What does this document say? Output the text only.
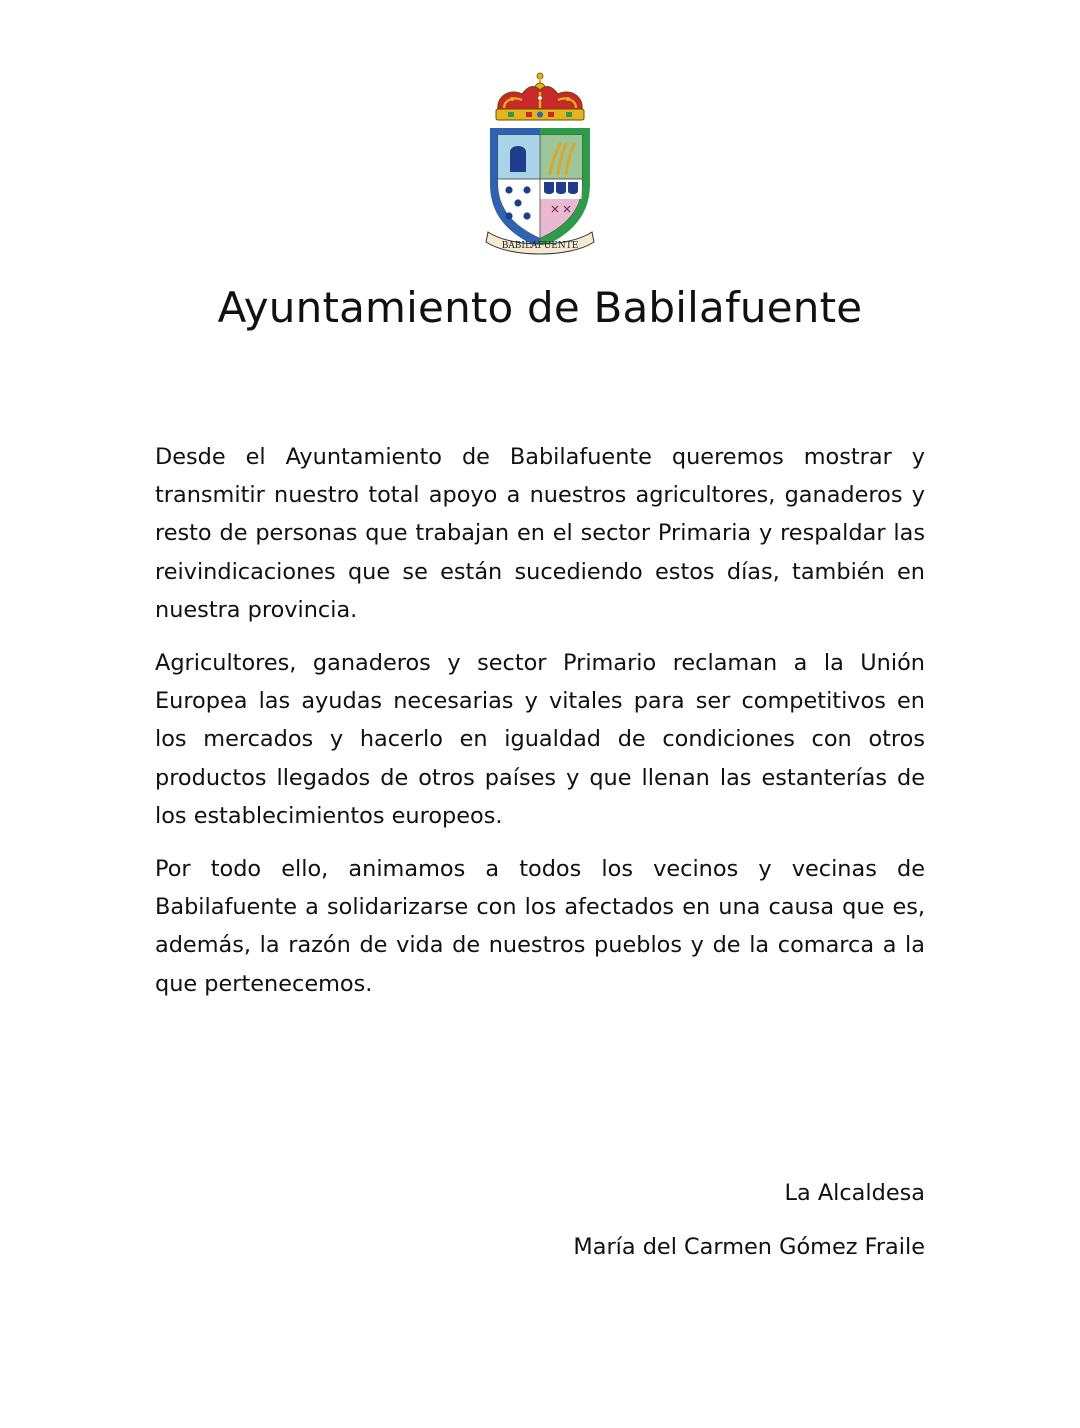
BABILAFUENTE
Ayuntamiento de Babilafuente

Desde el Ayuntamiento de Babilafuente queremos mostrar y transmitir nuestro total apoyo a nuestros agricultores, ganaderos y resto de personas que trabajan en el sector Primaria y respaldar las reivindicaciones que se están sucediendo estos días, también en nuestra provincia.

Agricultores, ganaderos y sector Primario reclaman a la Unión Europea las ayudas necesarias y vitales para ser competitivos en los mercados y hacerlo en igualdad de condiciones con otros productos llegados de otros países y que llenan las estanterías de los establecimientos europeos.

Por todo ello, animamos a todos los vecinos y vecinas de Babilafuente a solidarizarse con los afectados en una causa que es, además, la razón de vida de nuestros pueblos y de la comarca a la que pertenecemos.

La Alcaldesa
María del Carmen Gómez Fraile
